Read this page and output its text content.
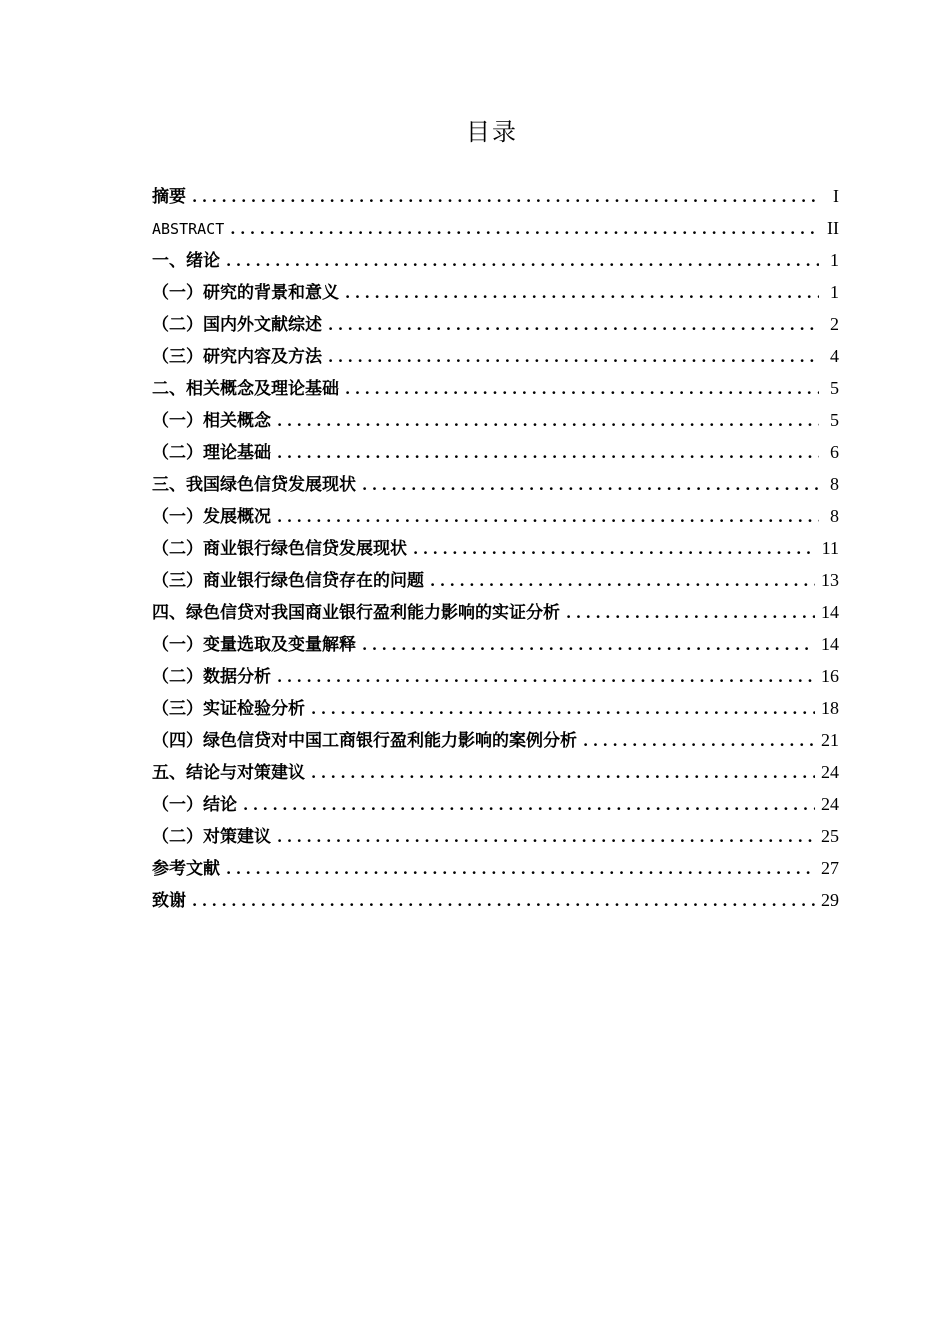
目录
摘要 .....	I
ABSTRACT .....	II
一、 绪论 .....	1
（一） 研究的背景和意义 .....	1
（二） 国内外文献综述 .....	2
（三） 研究内容及方法 .....	4
二、 相关概念及理论基础 .....	5
（一） 相关概念 .....	5
（二） 理论基础 .....	6
三、 我国绿色信贷发展现状 .....	8
（一） 发展概况 .....	8
（二） 商业银行绿色信贷发展现状 .....	11
（三） 商业银行绿色信贷存在的问题 .....	13
四、 绿色信贷对我国商业银行盈利能力影响的实证分析 .....	14
（一） 变量选取及变量解释 .....	14
（二） 数据分析 .....	16
（三） 实证检验分析 .....	18
（四） 绿色信贷对中国工商银行盈利能力影响的案例分析 .....	21
五、 结论与对策建议 .....	24
（一） 结论 .....	24
（二） 对策建议 .....	25
参考文献 .....	27
致谢 .....	29
